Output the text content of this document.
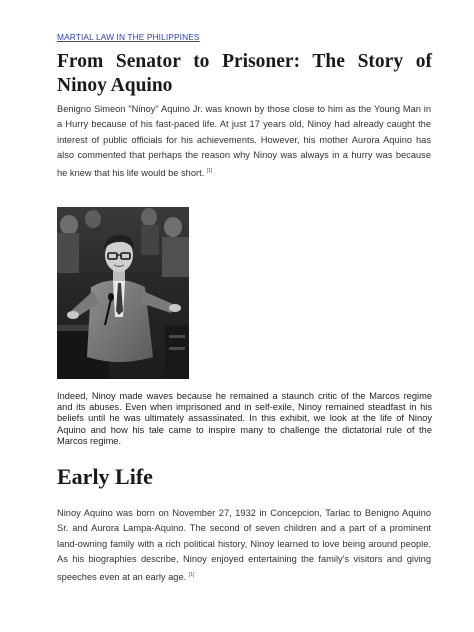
MARTIAL LAW IN THE PHILIPPINES
From Senator to Prisoner: The Story of Ninoy Aquino

Benigno Simeon "Ninoy" Aquino Jr. was known by those close to him as the Young Man in a Hurry because of his fast-paced life. At just 17 years old, Ninoy had already caught the interest of public officials for his achievements. However, his mother Aurora Aquino has also commented that perhaps the reason why Ninoy was always in a hurry was because he knew that his life would be short. [1]

Indeed, Ninoy made waves because he remained a staunch critic of the Marcos regime and its abuses. Even when imprisoned and in self-exile, Ninoy remained steadfast in his beliefs until he was ultimately assassinated. In this exhibit, we look at the life of Ninoy Aquino and how his tale came to inspire many to challenge the dictatorial rule of the Marcos regime.

Early Life

Ninoy Aquino was born on November 27, 1932 in Concepcion, Tarlac to Benigno Aquino Sr. and Aurora Lampa-Aquino. The second of seven children and a part of a prominent land-owning family with a rich political history, Ninoy learned to love being around people. As his biographies describe, Ninoy enjoyed entertaining the family's visitors and giving speeches even at an early age. [1]
